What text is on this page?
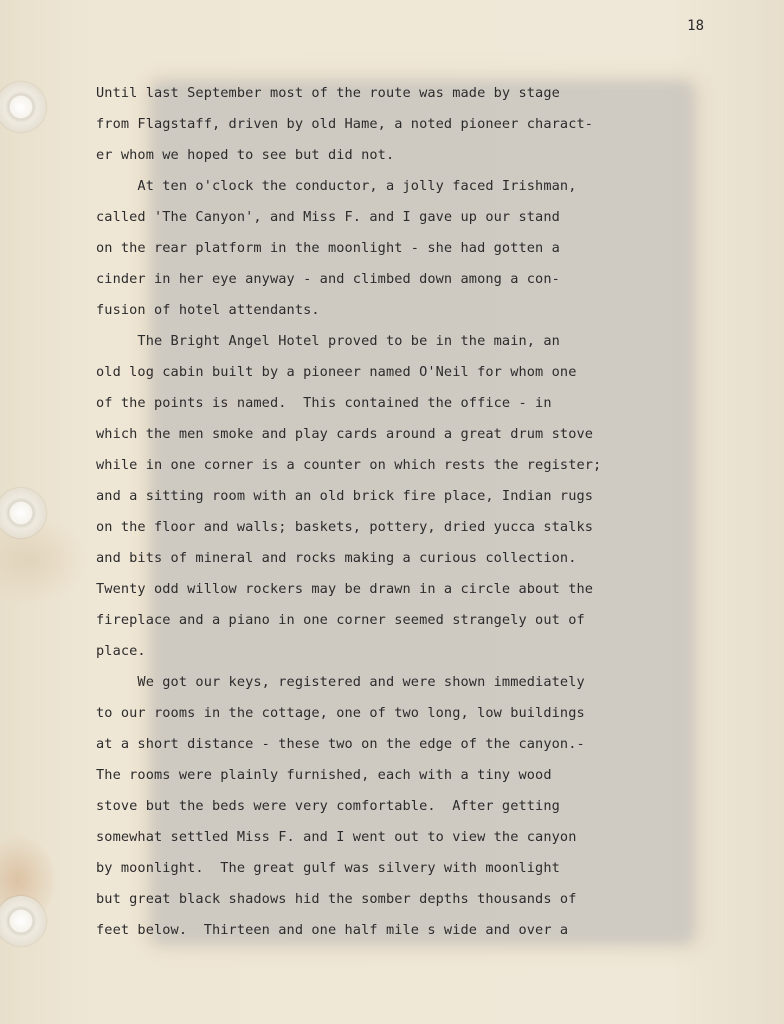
18
Until last September most of the route was made by stage
from Flagstaff, driven by old Hame, a noted pioneer charact-
er whom we hoped to see but did not.
At ten o'clock the conductor, a jolly faced Irishman,
called 'The Canyon', and Miss F. and I gave up our stand
on the rear platform in the moonlight - she had gotten a
cinder in her eye anyway - and climbed down among a con-
fusion of hotel attendants.
The Bright Angel Hotel proved to be in the main, an
old log cabin built by a pioneer named O'Neil for whom one
of the points is named.  This contained the office - in
which the men smoke and play cards around a great drum stove
while in one corner is a counter on which rests the register;
and a sitting room with an old brick fire place, Indian rugs
on the floor and walls; baskets, pottery, dried yucca stalks
and bits of mineral and rocks making a curious collection.
Twenty odd willow rockers may be drawn in a circle about the
fireplace and a piano in one corner seemed strangely out of
place.
We got our keys, registered and were shown immediately
to our rooms in the cottage, one of two long, low buildings
at a short distance - these two on the edge of the canyon.-
The rooms were plainly furnished, each with a tiny wood
stove but the beds were very comfortable.  After getting
somewhat settled Miss F. and I went out to view the canyon
by moonlight.  The great gulf was silvery with moonlight
but great black shadows hid the somber depths thousands of
feet below.  Thirteen and one half mile s wide and over a
